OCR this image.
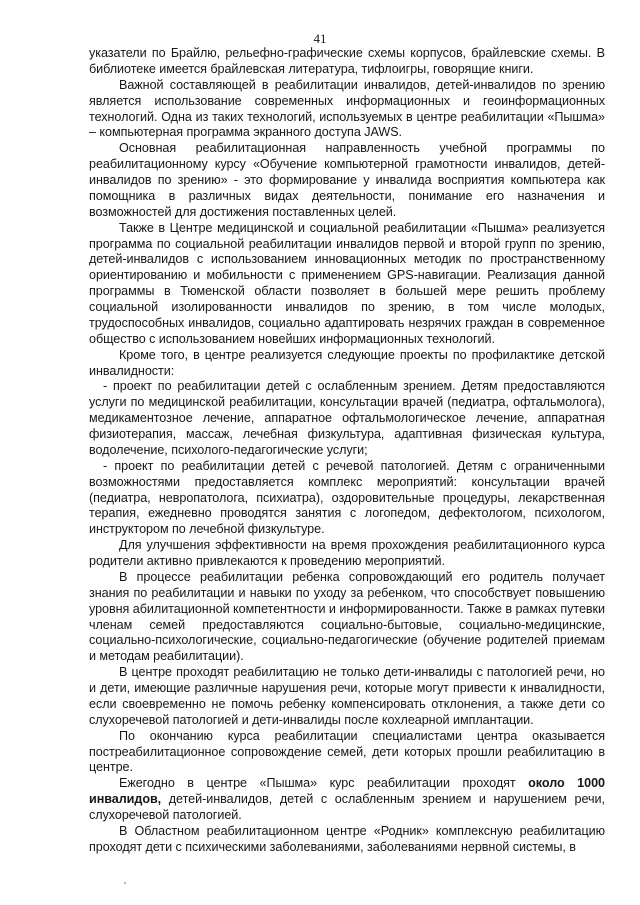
41

указатели по Брайлю, рельефно-графические схемы корпусов, брайлевские схемы. В библиотеке имеется брайлевская литература, тифлоигры, говорящие книги.

Важной составляющей в реабилитации инвалидов, детей-инвалидов по зрению является использование современных информационных и геоинформационных технологий. Одна из таких технологий, используемых в центре реабилитации «Пышма» – компьютерная программа экранного доступа JAWS.

Основная реабилитационная направленность учебной программы по реабилитационному курсу «Обучение компьютерной грамотности инвалидов, детей-инвалидов по зрению» - это формирование у инвалида восприятия компьютера как помощника в различных видах деятельности, понимание его назначения и возможностей для достижения поставленных целей.

Также в Центре медицинской и социальной реабилитации «Пышма» реализуется программа по социальной реабилитации инвалидов первой и второй групп по зрению, детей-инвалидов с использованием инновационных методик по пространственному ориентированию и мобильности с применением GPS-навигации. Реализация данной программы в Тюменской области позволяет в большей мере решить проблему социальной изолированности инвалидов по зрению, в том числе молодых, трудоспособных инвалидов, социально адаптировать незрячих граждан в современное общество с использованием новейших информационных технологий.

Кроме того, в центре реализуется следующие проекты по профилактике детской инвалидности:

- проект по реабилитации детей с ослабленным зрением. Детям предоставляются услуги по медицинской реабилитации, консультации врачей (педиатра, офтальмолога), медикаментозное лечение, аппаратное офтальмологическое лечение, аппаратная физиотерапия, массаж, лечебная физкультура, адаптивная физическая культура, водолечение, психолого-педагогические услуги;

- проект по реабилитации детей с речевой патологией. Детям с ограниченными возможностями предоставляется комплекс мероприятий: консультации врачей (педиатра, невропатолога, психиатра), оздоровительные процедуры, лекарственная терапия, ежедневно проводятся занятия с логопедом, дефектологом, психологом, инструктором по лечебной физкультуре.

Для улучшения эффективности на время прохождения реабилитационного курса родители активно привлекаются к проведению мероприятий.

В процессе реабилитации ребенка сопровождающий его родитель получает знания по реабилитации и навыки по уходу за ребенком, что способствует повышению уровня абилитационной компетентности и информированности. Также в рамках путевки членам семей предоставляются социально-бытовые, социально-медицинские, социально-психологические, социально-педагогические (обучение родителей приемам и методам реабилитации).

В центре проходят реабилитацию не только дети-инвалиды с патологией речи, но и дети, имеющие различные нарушения речи, которые могут привести к инвалидности, если своевременно не помочь ребенку компенсировать отклонения, а также дети со слухоречевой патологией и дети-инвалиды после кохлеарной имплантации.

По окончанию курса реабилитации специалистами центра оказывается постреабилитационное сопровождение семей, дети которых прошли реабилитацию в центре.

Ежегодно в центре «Пышма» курс реабилитации проходят около 1000 инвалидов, детей-инвалидов, детей с ослабленным зрением и нарушением речи, слухоречевой патологией.

В Областном реабилитационном центре «Родник» комплексную реабилитацию проходят дети с психическими заболеваниями, заболеваниями нервной системы, в
